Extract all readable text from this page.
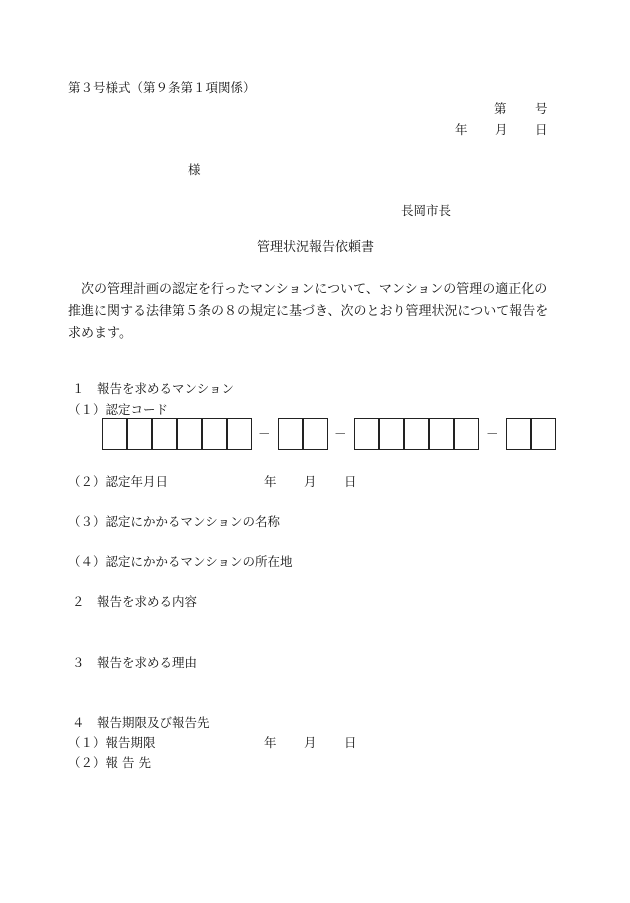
第３号様式（第９条第１項関係）
第 号
年 月 日
様
長岡市長
管理状況報告依頼書
　次の管理計画の認定を行ったマンションについて、マンションの管理の適正化の
推進に関する法律第５条の８の規定に基づき、次のとおり管理状況について報告を
求めます。
１　報告を求めるマンション
（１）認定コード
－	－	－
（２）認定年月日	年 月 日
（３）認定にかかるマンションの名称
（４）認定にかかるマンションの所在地
２　報告を求める内容
３　報告を求める理由
４　報告期限及び報告先
（１）報告期限	年 月 日
（２）報 告 先
